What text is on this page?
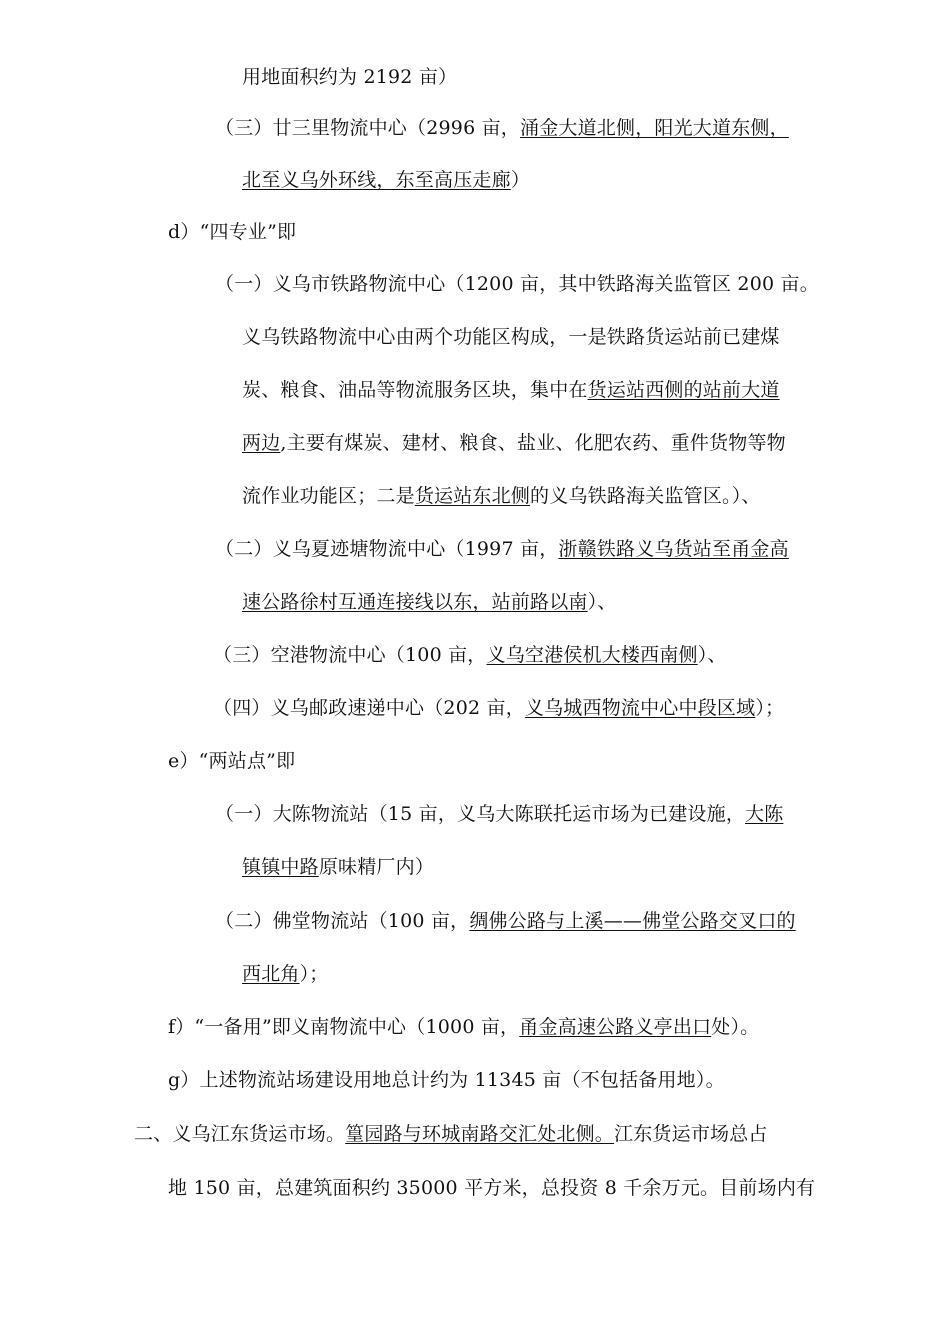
用地面积约为 2192 亩）
（三）廿三里物流中心（2996 亩，涌金大道北侧，阳光大道东侧，
北至义乌外环线，东至高压走廊）
d）“四专业”即
（一）义乌市铁路物流中心（1200 亩，其中铁路海关监管区 200 亩。
义乌铁路物流中心由两个功能区构成，一是铁路货运站前已建煤
炭、粮食、油品等物流服务区块，集中在货运站西侧的站前大道
两边,主要有煤炭、建材、粮食、盐业、化肥农药、重件货物等物
流作业功能区；二是货运站东北侧的义乌铁路海关监管区。）、
（二）义乌夏迹塘物流中心（1997 亩，浙赣铁路义乌货站至甬金高
速公路徐村互通连接线以东，站前路以南）、
（三）空港物流中心（100 亩，义乌空港侯机大楼西南侧）、
（四）义乌邮政速递中心（202 亩，义乌城西物流中心中段区域）；
e）“两站点”即
（一）大陈物流站（15 亩，义乌大陈联托运市场为已建设施，大陈
镇镇中路原味精厂内）
（二）佛堂物流站（100 亩，绸佛公路与上溪——佛堂公路交叉口的
西北角）；
f）“一备用”即义南物流中心（1000 亩，甬金高速公路义亭出口处）。
g）上述物流站场建设用地总计约为 11345 亩（不包括备用地）。
二、义乌江东货运市场。篁园路与环城南路交汇处北侧。江东货运市场总占
地 150 亩，总建筑面积约 35000 平方米，总投资 8 千余万元。目前场内有
